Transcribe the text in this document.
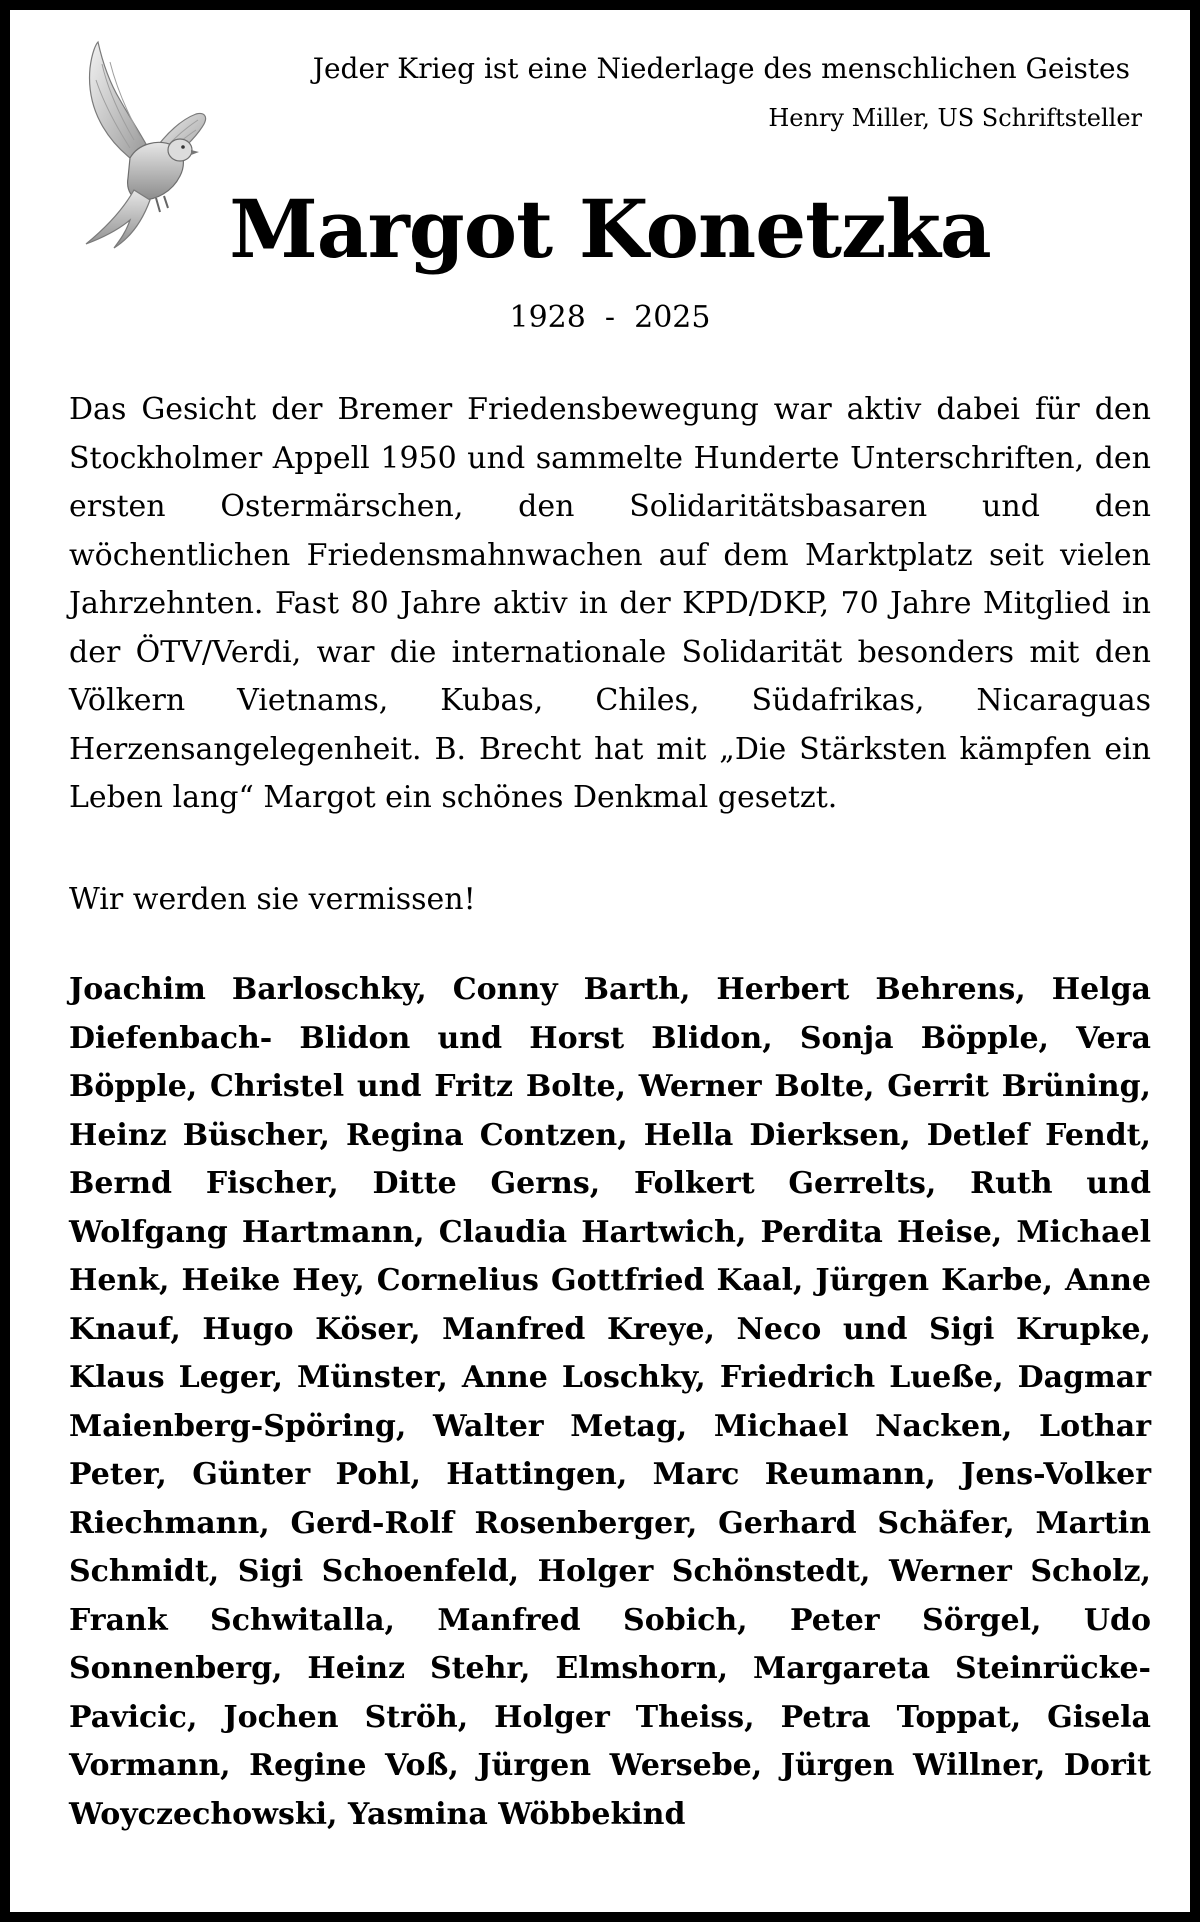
Jeder Krieg ist eine Niederlage des menschlichen Geistes
Henry Miller, US Schriftsteller
Margot Konetzka
1928  -  2025

Das Gesicht der Bremer Friedensbewegung war aktiv dabei für den Stockholmer Appell 1950 und sammelte Hunderte Unterschriften, den ersten Ostermärschen, den Solidaritätsbasaren und den wöchentlichen Friedensmahnwachen auf dem Marktplatz seit vielen Jahrzehnten. Fast 80 Jahre aktiv in der KPD/DKP, 70 Jahre Mitglied in der ÖTV/Verdi, war die internationale Solidarität besonders mit den Völkern Vietnams, Kubas, Chiles, Südafrikas, Nicaraguas Herzensangelegenheit. B. Brecht hat mit „Die Stärksten kämpfen ein Leben lang“ Margot ein schönes Denkmal gesetzt.

Wir werden sie vermissen!

Joachim Barloschky, Conny Barth, Herbert Behrens, Helga Diefenbach- Blidon und Horst Blidon, Sonja Böpple, Vera Böpple, Christel und Fritz Bolte, Werner Bolte, Gerrit Brüning, Heinz Büscher, Regina Contzen, Hella Dierksen, Detlef Fendt, Bernd Fischer, Ditte Gerns, Folkert Gerrelts, Ruth und Wolfgang Hartmann, Claudia Hartwich, Perdita Heise, Michael Henk, Heike Hey, Cornelius Gottfried Kaal, Jürgen Karbe, Anne Knauf, Hugo Köser, Manfred Kreye, Neco und Sigi Krupke, Klaus Leger, Münster, Anne Loschky, Friedrich Lueße, Dagmar Maienberg-Spöring, Walter Metag, Michael Nacken, Lothar Peter, Günter Pohl, Hattingen, Marc Reumann, Jens-Volker Riechmann, Gerd-Rolf Rosenberger, Gerhard Schäfer, Martin Schmidt, Sigi Schoenfeld, Holger Schönstedt, Werner Scholz, Frank Schwitalla, Manfred Sobich, Peter Sörgel, Udo Sonnenberg, Heinz Stehr, Elmshorn, Margareta Steinrücke-Pavicic, Jochen Ströh, Holger Theiss, Petra Toppat, Gisela Vormann, Regine Voß, Jürgen Wersebe, Jürgen Willner, Dorit Woyczechowski, Yasmina Wöbbekind
